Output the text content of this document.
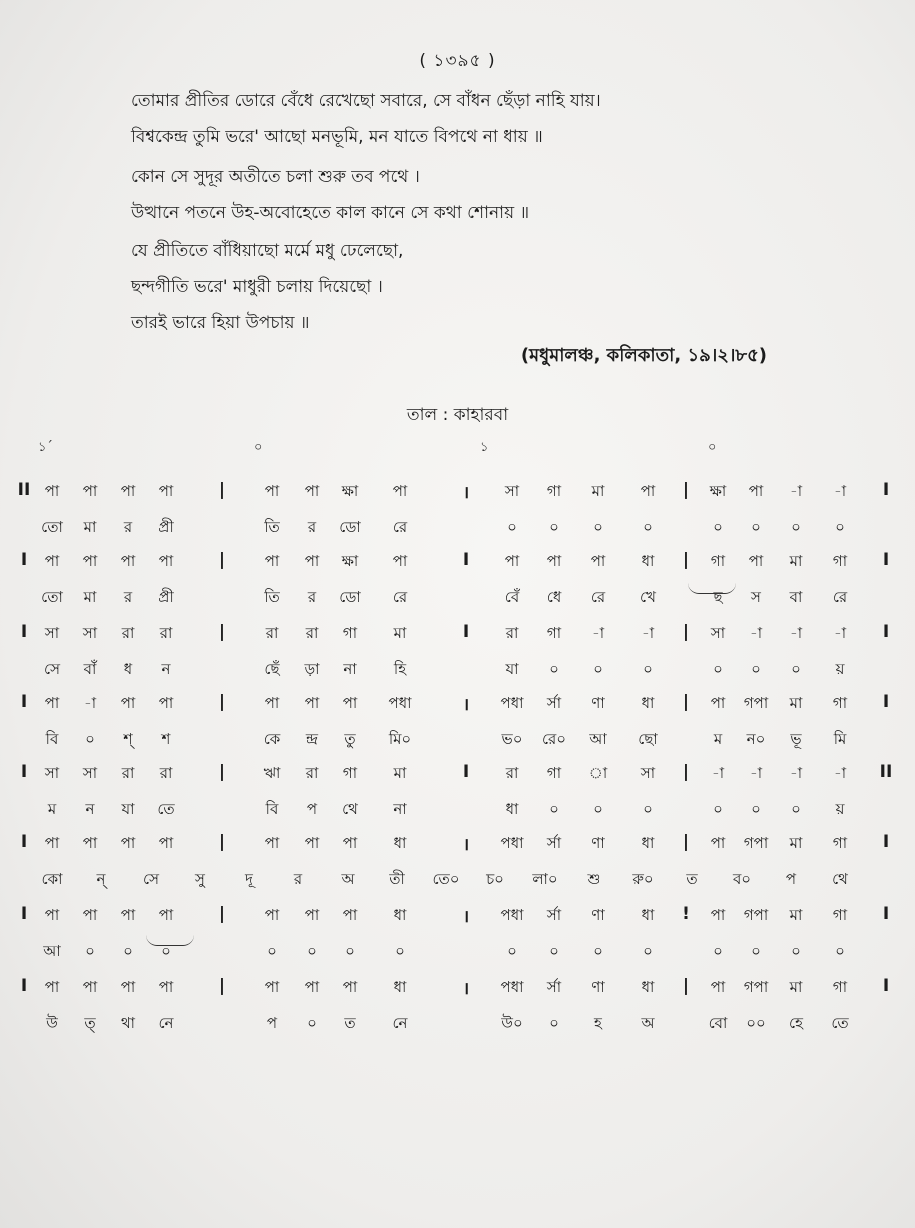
( ১৩৯৫ )
তোমার প্রীতির ডোরে বেঁধে রেখেছো সবারে, সে বাঁধন ছেঁড়া নাহি যায়।
বিশ্বকেন্দ্র তুমি ভরে' আছো মনভূমি, মন যাতে বিপথে না ধায় ॥
কোন সে সুদূর অতীতে চলা শুরু তব পথে ।
উত্থানে পতনে উহ-অবোহেতে কাল কানে সে কথা শোনায় ॥
যে প্রীতিতে বাঁধিয়াছো মর্মে মধু ঢেলেছো,
ছন্দগীতি ভরে' মাধুরী চলায় দিয়েছো ।
তারই ভারে হিয়া উপচায় ॥
(মধুমালঞ্চ, কলিকাতা, ১৯।২।৮৫)
তাল : কাহারবা
১´	০	১	০
II	|	।	|	I
পা	পা	পা	পা	পা	পা	ক্ষা	পা	সা	গা	মা	পা	ক্ষা	পা	-া	-া
তো	মা	র	প্রী	তি	র	ডো	রে	০	০	০	০	০	০	০	০
I	|	I	|	I
পা	পা	পা	পা	পা	পা	ক্ষা	পা	পা	পা	পা	ধা	গা	পা	মা	গা
তো	মা	র	প্রী	তি	র	ডো	রে	বেঁ	ধে	রে	খে	ছ	স	বা	রে
I	|	I	|	I
সা	সা	রা	রা	রা	রা	গা	মা	রা	গা	-া	-া	সা	-া	-া	-া
সে	বাঁ	ধ	ন	ছেঁ	ড়া	না	হি	যা	০	০	০	০	০	০	য়
I	|	।	|	I
পা	-া	পা	পা	পা	পা	পা	পধা	পধা	র্সা	ণা	ধা	পা	গপা	মা	গা
বি	০	শ্	শ	কে	ন্দ্র	তু	মি০	ভ০	রে০	আ	ছো	ম	ন০	ভূ	মি
I	|	I	|	II
সা	সা	রা	রা	ঋা	রা	গা	মা	রা	গা	া	সা	-া	-া	-া	-া
ম	ন	যা	তে	বি	প	থে	না	ধা	০	০	০	০	০	০	য়
I	|	।	|	I
পা	পা	পা	পা	পা	পা	পা	ধা	পধা	র্সা	ণা	ধা	পা	গপা	মা	গা
কো	ন্	সে	সু	দূ	র	অ	তী	তে০	চ০	লা০	শু	রু০	ত	ব০	প	থে
I	|	।	!	I
পা	পা	পা	পা	পা	পা	পা	ধা	পধা	র্সা	ণা	ধা	পা	গপা	মা	গা
আ	০	০	০	০	০	০	০	০	০	০	০	০	০	০	০
I	|	।	|	I
পা	পা	পা	পা	পা	পা	পা	ধা	পধা	র্সা	ণা	ধা	পা	গপা	মা	গা
উ	ত্	থা	নে	প	০	ত	নে	উ০	০	হ	অ	বো	০০	হে	তে
